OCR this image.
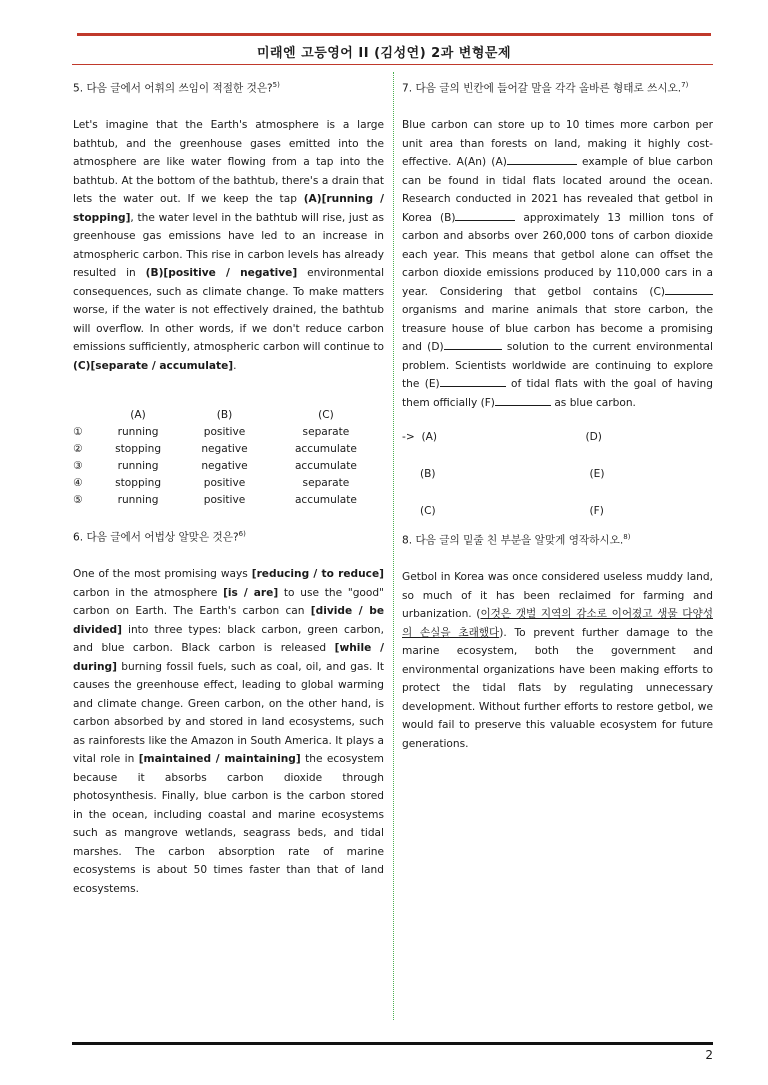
미래엔 고등영어 II (김성연) 2과 변형문제
5. 다음 글에서 어휘의 쓰임이 적절한 것은?$^{5)}$

Let's imagine that the Earth's atmosphere is a large bathtub, and the greenhouse gases emitted into the atmosphere are like water flowing from a tap into the bathtub. At the bottom of the bathtub, there's a drain that lets the water out. If we keep the tap (A)[running / stopping], the water level in the bathtub will rise, just as greenhouse gas emissions have led to an increase in atmospheric carbon. This rise in carbon levels has already resulted in (B)[positive / negative] environmental consequences, such as climate change. To make matters worse, if the water is not effectively drained, the bathtub will overflow. In other words, if we don't reduce carbon emissions sufficiently, atmospheric carbon will continue to (C)[separate / accumulate].

	(A)	(B)	(C)
①	running	positive	separate
②	stopping	negative	accumulate
③	running	negative	accumulate
④	stopping	positive	separate
⑤	running	positive	accumulate
6. 다음 글에서 어법상 알맞은 것은?$^{6)}$

One of the most promising ways [reducing / to reduce] carbon in the atmosphere [is / are] to use the "good" carbon on Earth. The Earth's carbon can [divide / be divided] into three types: black carbon, green carbon, and blue carbon. Black carbon is released [while / during] burning fossil fuels, such as coal, oil, and gas. It causes the greenhouse effect, leading to global warming and climate change. Green carbon, on the other hand, is carbon absorbed by and stored in land ecosystems, such as rainforests like the Amazon in South America. It plays a vital role in [maintained / maintaining] the ecosystem because it absorbs carbon dioxide through photosynthesis. Finally, blue carbon is the carbon stored in the ocean, including coastal and marine ecosystems such as mangrove wetlands, seagrass beds, and tidal marshes. The carbon absorption rate of marine ecosystems is about 50 times faster than that of land ecosystems.

7. 다음 글의 빈칸에 들어갈 말을 각각 올바른 형태로 쓰시오.$^{7)}$

Blue carbon can store up to 10 times more carbon per unit area than forests on land, making it highly cost-effective. A(An) (A)	example of blue carbon can be found in tidal flats located around the ocean. Research conducted in 2021 has revealed that getbol in Korea (B)	approximately 13 million tons of carbon and absorbs over 260,000 tons of carbon dioxide each year. This means that getbol alone can offset the carbon dioxide emissions produced by 110,000 cars in a year. Considering that getbol contains (C) organisms and marine animals that store carbon, the treasure house of blue carbon has become a promising and (D)	solution to the current environmental problem. Scientists worldwide are continuing to explore the (E)	of tidal flats with the goal of having them officially (F)	as blue carbon.

-> (A)	(D)
(B)	(E)
(C)	(F)
8. 다음 글의 밑줄 친 부분을 알맞게 영작하시오.$^{8)}$

Getbol in Korea was once considered useless muddy land, so much of it has been reclaimed for farming and urbanization. (이것은 갯벌 지역의 감소로 이어졌고 생물 다양성의 손실을 초래했다). To prevent further damage to the marine ecosystem, both the government and environmental organizations have been making efforts to protect the tidal flats by regulating unnecessary development. Without further efforts to restore getbol, we would fail to preserve this valuable ecosystem for future generations.

2
